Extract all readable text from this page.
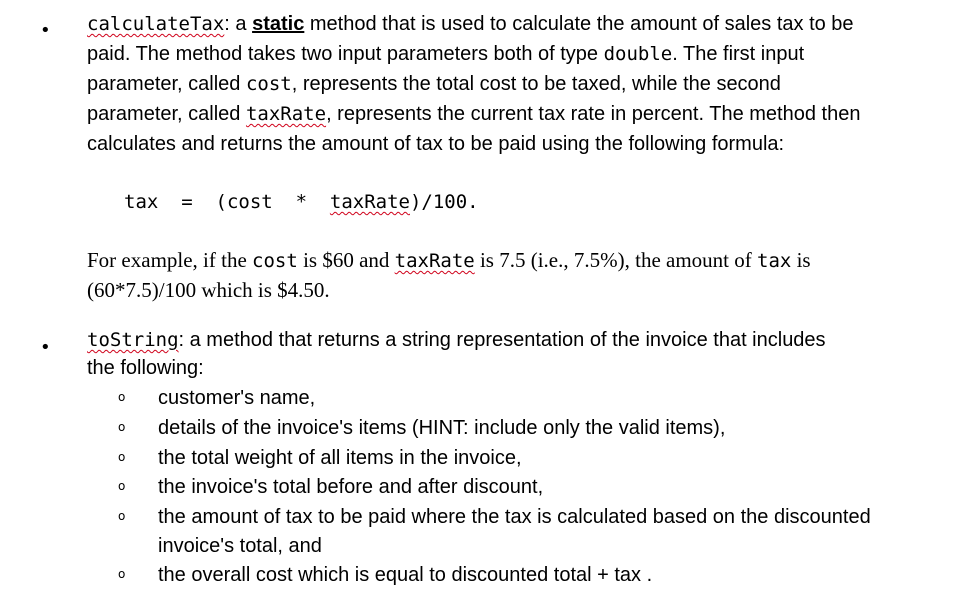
• calculateTax: a static method that is used to calculate the amount of sales tax to be
paid. The method takes two input parameters both of type double. The first input
parameter, called cost, represents the total cost to be taxed, while the second
parameter, called taxRate, represents the current tax rate in percent. The method then
calculates and returns the amount of tax to be paid using the following formula:
tax  =  (cost  *  taxRate)/100.
For example, if the cost is $60 and taxRate is 7.5 (i.e., 7.5%), the amount of tax is
(60*7.5)/100 which is $4.50.
• toString: a method that returns a string representation of the invoice that includes
the following:
o customer's name,
o details of the invoice's items (HINT: include only the valid items),
o the total weight of all items in the invoice,
o the invoice's total before and after discount,
o the amount of tax to be paid where the tax is calculated based on the discounted
invoice's total, and
o the overall cost which is equal to discounted total + tax .
